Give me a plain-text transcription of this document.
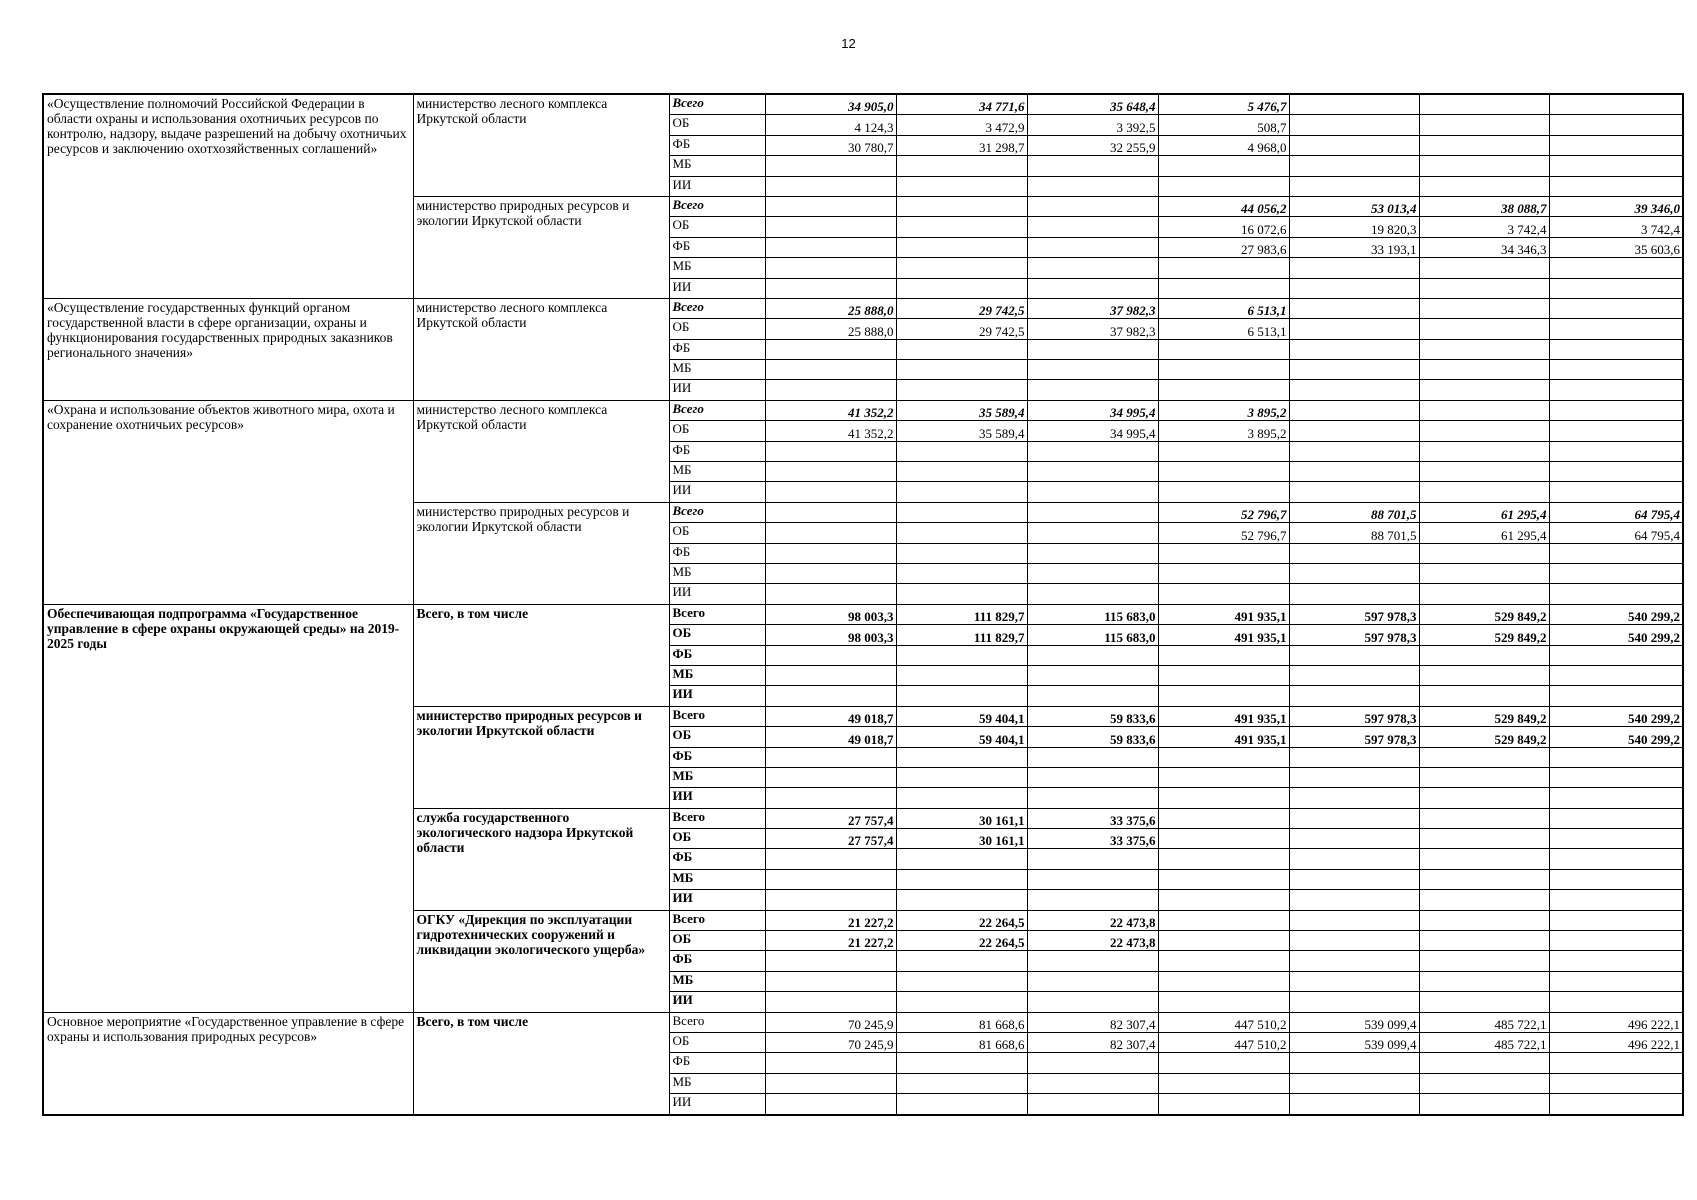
12
«Осуществление полномочий Российской Федерации в области охраны и использования охотничьих ресурсов по контролю, надзору, выдаче разрешений на добычу охотничьих ресурсов и заключению охотхозяйственных соглашений»	министерство лесного комплекса Иркутской области	Всего	34 905,0	34 771,6	35 648,4	5 476,7			
		ОБ	4 124,3	3 472,9	3 392,5	508,7			
		ФБ	30 780,7	31 298,7	32 255,9	4 968,0			
		МБ							
		ИИ							
	министерство природных ресурсов и экологии Иркутской области	Всего				44 056,2	53 013,4	38 088,7	39 346,0
		ОБ				16 072,6	19 820,3	3 742,4	3 742,4
		ФБ				27 983,6	33 193,1	34 346,3	35 603,6
		МБ							
		ИИ							
«Осуществление государственных функций органом государственной власти в сфере организации, охраны и функционирования государственных природных заказников регионального значения»	министерство лесного комплекса Иркутской области	Всего	25 888,0	29 742,5	37 982,3	6 513,1			
		ОБ	25 888,0	29 742,5	37 982,3	6 513,1			
		ФБ							
		МБ							
		ИИ							
«Охрана и использование объектов животного мира, охота и сохранение охотничьих ресурсов»	министерство лесного комплекса Иркутской области	Всего	41 352,2	35 589,4	34 995,4	3 895,2			
		ОБ	41 352,2	35 589,4	34 995,4	3 895,2			
		ФБ							
		МБ							
		ИИ							
	министерство природных ресурсов и экологии Иркутской области	Всего				52 796,7	88 701,5	61 295,4	64 795,4
		ОБ				52 796,7	88 701,5	61 295,4	64 795,4
		ФБ							
		МБ							
		ИИ							
Обеспечивающая подпрограмма «Государственное управление в сфере охраны окружающей среды» на 2019-2025 годы	Всего, в том числе	Всего	98 003,3	111 829,7	115 683,0	491 935,1	597 978,3	529 849,2	540 299,2
		ОБ	98 003,3	111 829,7	115 683,0	491 935,1	597 978,3	529 849,2	540 299,2
		ФБ							
		МБ							
		ИИ							
	министерство природных ресурсов и экологии Иркутской области	Всего	49 018,7	59 404,1	59 833,6	491 935,1	597 978,3	529 849,2	540 299,2
		ОБ	49 018,7	59 404,1	59 833,6	491 935,1	597 978,3	529 849,2	540 299,2
		ФБ							
		МБ							
		ИИ							
	служба государственного экологического надзора Иркутской области	Всего	27 757,4	30 161,1	33 375,6				
		ОБ	27 757,4	30 161,1	33 375,6				
		ФБ							
		МБ							
		ИИ							
	ОГКУ «Дирекция по эксплуатации гидротехнических сооружений и ликвидации экологического ущерба»	Всего	21 227,2	22 264,5	22 473,8				
		ОБ	21 227,2	22 264,5	22 473,8				
		ФБ							
		МБ							
		ИИ							
Основное мероприятие «Государственное управление в сфере охраны и использования природных ресурсов»	Всего, в том числе	Всего	70 245,9	81 668,6	82 307,4	447 510,2	539 099,4	485 722,1	496 222,1
		ОБ	70 245,9	81 668,6	82 307,4	447 510,2	539 099,4	485 722,1	496 222,1
		ФБ							
		МБ							
		ИИ							
